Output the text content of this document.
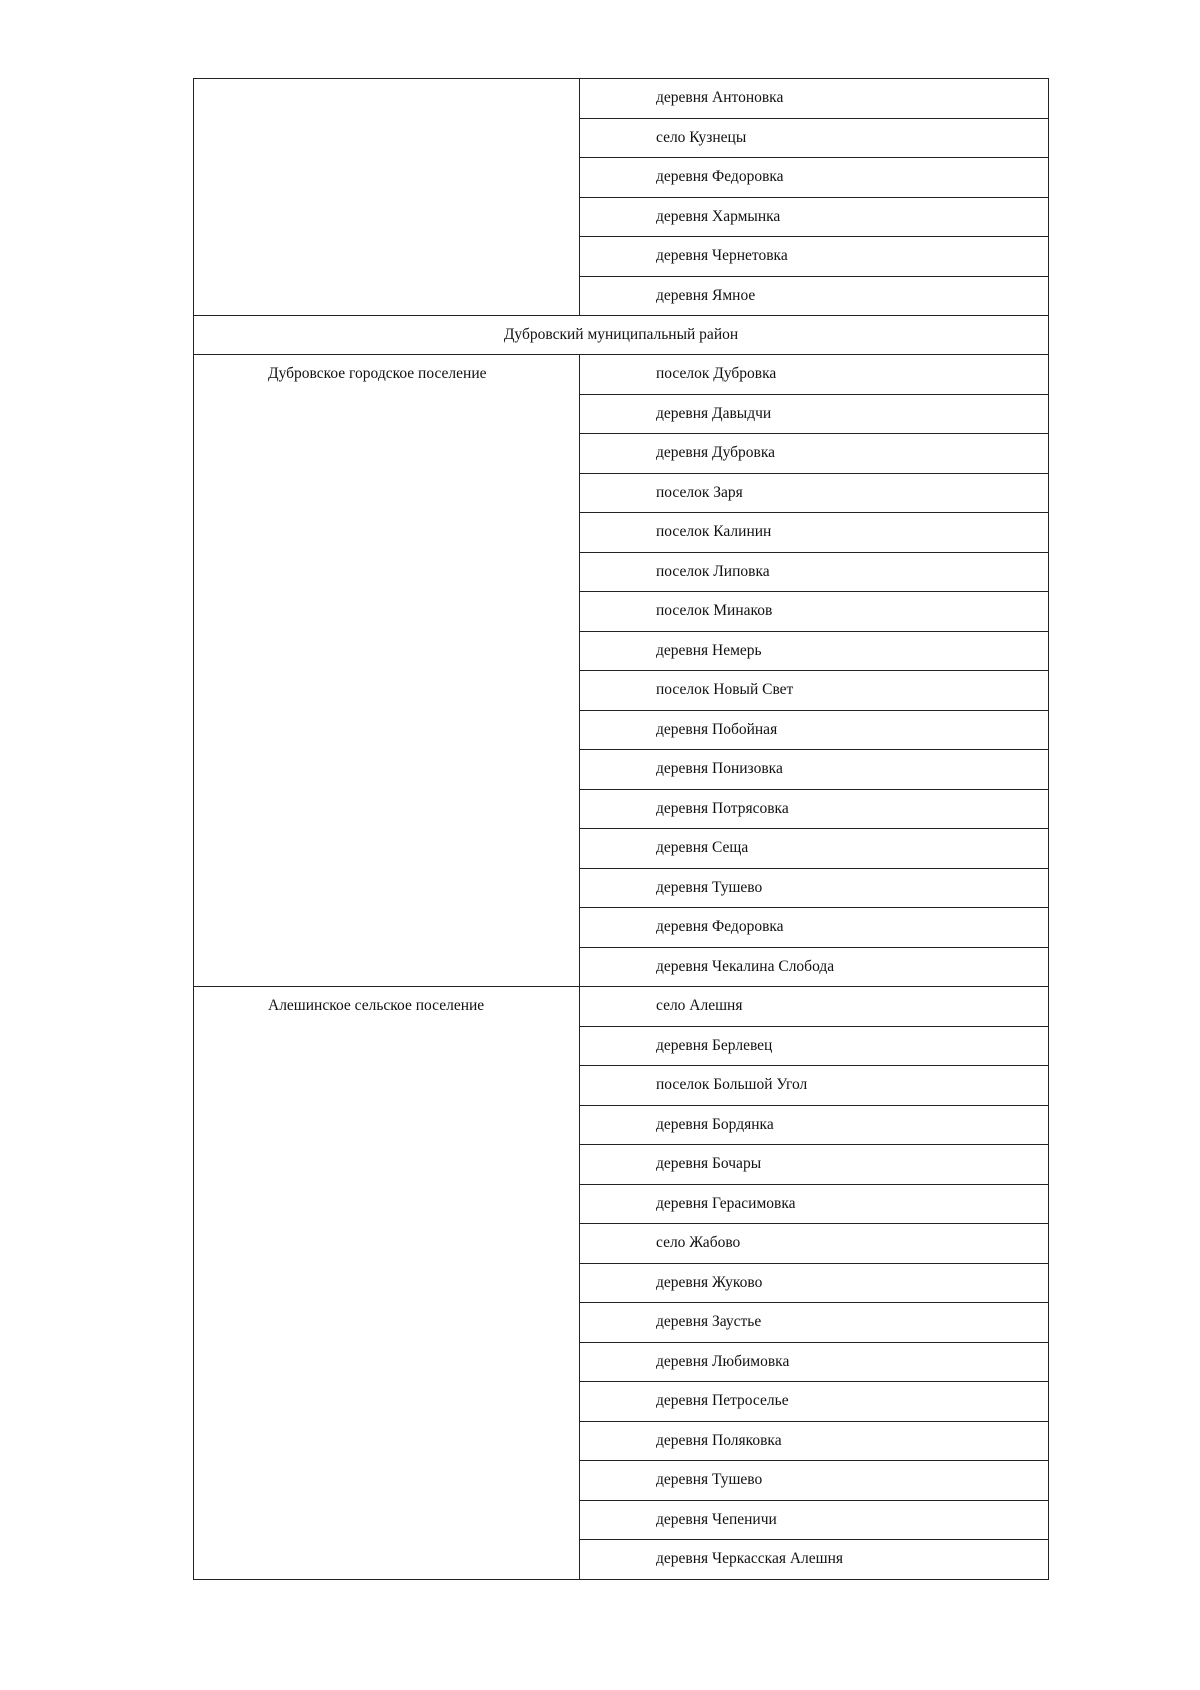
	деревня Антоновка
	село Кузнецы
	деревня Федоровка
	деревня Хармынка
	деревня Чернетовка
	деревня Ямное
Дубровский муниципальный район	
Дубровское городское поселение	поселок Дубровка
	деревня Давыдчи
	деревня Дубровка
	поселок Заря
	поселок Калинин
	поселок Липовка
	поселок Минаков
	деревня Немерь
	поселок Новый Свет
	деревня Побойная
	деревня Понизовка
	деревня Потрясовка
	деревня Сеща
	деревня Тушево
	деревня Федоровка
	деревня Чекалина Слобода
Алешинское сельское поселение	село Алешня
	деревня Берлевец
	поселок Большой Угол
	деревня Бордянка
	деревня Бочары
	деревня Герасимовка
	село Жабово
	деревня Жуково
	деревня Заустье
	деревня Любимовка
	деревня Петроселье
	деревня Поляковка
	деревня Тушево
	деревня Чепеничи
	деревня Черкасская Алешня
